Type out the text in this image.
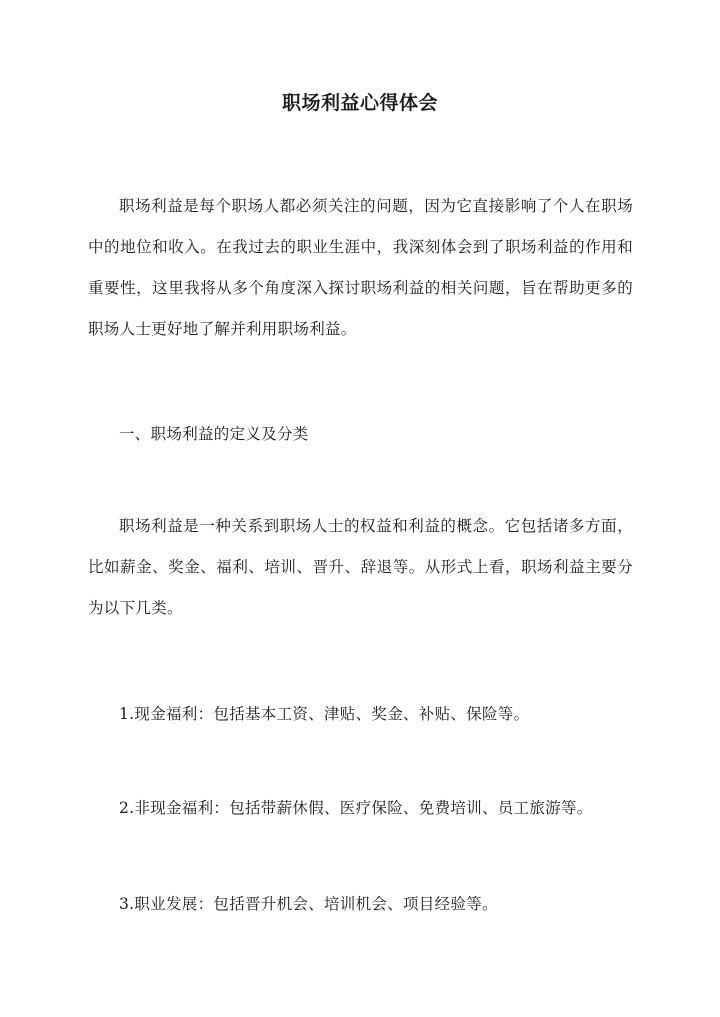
职场利益心得体会

职场利益是每个职场人都必须关注的问题，因为它直接影响了个人在职场中的地位和收入。在我过去的职业生涯中，我深刻体会到了职场利益的作用和重要性，这里我将从多个角度深入探讨职场利益的相关问题，旨在帮助更多的职场人士更好地了解并利用职场利益。

一、职场利益的定义及分类

职场利益是一种关系到职场人士的权益和利益的概念。它包括诸多方面，比如薪金、奖金、福利、培训、晋升、辞退等。从形式上看，职场利益主要分为以下几类。

1.现金福利：包括基本工资、津贴、奖金、补贴、保险等。

2.非现金福利：包括带薪休假、医疗保险、免费培训、员工旅游等。

3.职业发展：包括晋升机会、培训机会、项目经验等。
